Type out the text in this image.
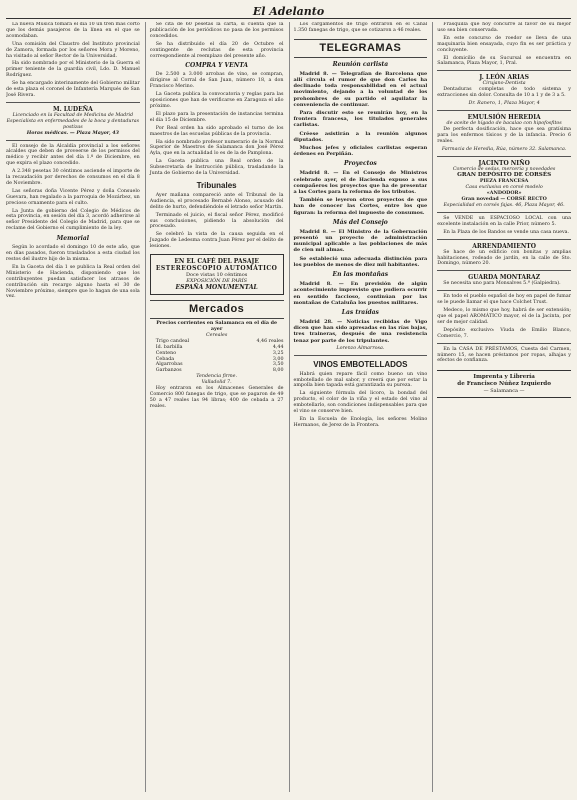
El Adelanto

La nueva Música tomará el día 10 un tren más corto que los demás pasajeros de la línea en el que se acomodaban.

Una comisión del Claustro del Instituto provincial de Zamora, formada por los señores Mora y Moreno, ha visitado al señor Rector de la Universidad.

Ha sido nombrado por el Ministerio de la Guerra el primer teniente de la guardia civil, Ldo. D. Manuel Rodríguez.

Se ha encargado interinamente del Gobierno militar de esta plaza el coronel de Infantería Marqués de San José Rivera.

M. LUDEÑA
Licenciado en la Facultad de Medicina de Madrid
Especialista en enfermedades de la boca y dentaduras postizas
Horas médicas. — Plaza Mayor, 43

El consejo de la Alcaldía provincial a los señores alcaldes que deben de proveerse de los permisos del médico y recibir antes del día 1.º de Diciembre, en que expira el plazo concedido.

A 2.348 pesetas 30 céntimos asciende el importe de la recaudación por derechos de consumos en el día 8 de Noviembre.

Las señoras doña Vicente Pérez y doña Consuelo Guevara, han regalado a la parroquia de Mozárbez, un precioso ornamento para el culto.

La Junta de gobierno del Colegio de Médicos de esta provincia, en sesión del día 3, acordó adherirse al señor Presidente del Colegio de Madrid, para que se reclame del Gobierno el cumplimiento de la ley.

Memorial

Según lo acordado el domingo 10 de este año, que en días pasados, fueron trasladados a esta ciudad los restos del ilustre hijo de la misma.

En la Gaceta del día 1 se publica la Real orden del Ministerio de Hacienda, disponiendo que los contribuyentes puedan satisfacer los atrasos de contribución sin recargo alguno hasta el 30 de Noviembre próximo, siempre que lo hagan de una sola vez.

Se cita de 60 pesetas la carta, si cuenta que la publicación de los periódicos no pasa de los permisos concedidos.

Se ha distribuido el día 20 de Octubre el contingente de reclutas de esta provincia correspondiente al reemplazo del presente año.

COMPRA Y VENTA

De 2.500 a 3.000 arrobas de vino, se compran, dirigirse al Corral de San Juan, número 18, a don Francisco Merino.

La Gaceta publica la convocatoria y reglas para las oposiciones que han de verificarse en Zaragoza el año próximo.

El plazo para la presentación de instancias termina el día 15 de Diciembre.

Por Real orden ha sido aprobado el turno de los maestros de las escuelas públicas de la provincia.

Ha sido nombrado profesor numerario de la Normal Superior de Maestros de Salamanca don José Pérez Ayla, que en la actualidad lo es de la de Pamplona.

La Gaceta publica una Real orden de la Subsecretaría de Instrucción pública, trasladando la Junta de Gobierno de la Universidad.

Tribunales

Ayer mañana compareció ante el Tribunal de la Audiencia, el procesado Bernabé Alonso, acusado del delito de hurto, defendiéndole el letrado señor Martín.

Terminado el juicio, el fiscal señor Pérez, modificó sus conclusiones, pidiendo la absolución del procesado.

Se celebró la vista de la causa seguida en el Juzgado de Ledesma contra Juan Pérez por el delito de lesiones.

EN EL CAFÉ DEL PASAJE
ESTEREOSCOPIO AUTOMÁTICO
Doce vistas 10 céntimos
EXPOSICIÓN DE PARÍS
ESPAÑA MONUMENTAL
Mercados
Precios corrientes en Salamanca en el día de ayer
Cereales
Trigo candeal	4,46 reales
Id. barbilla	4,44
Centeno	3,25
Cebada	3,00
Algarrobas	3,50
Garbanzos	8,00
Tendencia firme.
Valladolid 7.

Hoy entraron en los Almacenes Generales de Comercio 800 fanegas de trigo, que se pagaron de 49 50 a 47 reales las 94 libras; 400 de cebada a 27 reales.

Los cargamentos de trigo entraron en el Canal 1.350 fanegas de trigo, que se cotizaron a 46 reales.

TELEGRAMAS
Reunión carlista

Madrid 8. — Telegrafían de Barcelona que allí circula el rumor de que don Carlos ha declinado toda responsabilidad en el actual movimiento, dejando a la voluntad de los prohombres de su partido el aquilatar la conveniencia de continuar.

Para discutir esto se reunirán hoy, en la frontera francesa, los titulados generales carlistas.

Créese asistirán a la reunión algunos diputados.

Muchos jefes y oficiales carlistas esperan órdenes en Perpiñán.

Proyectos

Madrid 8. — En el Consejo de Ministros celebrado ayer, el de Hacienda expuso a sus compañeros los proyectos que ha de presentar a las Cortes para la reforma de los tributos.

También se leyeron otros proyectos de que han de conocer las Cortes, entre los que figuran: la reforma del impuesto de consumos.

Más del Consejo

Madrid 8. — El Ministro de la Gobernación presentó un proyecto de administración municipal aplicable a las poblaciones de más de cien mil almas.

Se estableció una adecuada distinción para los pueblos de menos de diez mil habitantes.

En las montañas

Madrid 8. — En previsión de algún acontecimiento imprevisto que pudiera ocurrir en sentido faccioso, continúan por las montañas de Cataluña los puestos militares.

Las traídas

Madrid 28. — Noticias recibidas de Vigo dicen que han sido apresadas en las rías bajas, tres traineras, después de una resistencia tenaz por parte de los tripulantes.

Lorenzo Almarrosa.
VINOS EMBOTELLADOS

Habrá quien repare fácil como bueno un vino embotellado de mal sabor, y creerá que por estar la ampolla bien tapada está garantizada su pureza.

La siguiente fórmula del licoro, la bondad del producto, el color de la viña y el estado del vino al embotellarlo, son condiciones indispensables para que el vino se conserve bien.

En la Escuela de Enología, los señores Molino Hermanos, de Jerez de la Frontera.

Frasquilla que hoy concurre al favor de su mejor uso sea bien conservada.

En este concurso de roedor se lleva de una maquinaria bien ensayada, cuyo fin es ser práctica y concluyente.

El domicilio de su Sucursal se encuentra en Salamanca, Plaza Mayor, 1, Pral.

J. LEÓN ARIAS
Cirujano-Dentista

Dentaduras completas de todo sistema y extracciones sin dolor. Consulta de 10 a 1 y de 3 a 5.

Dr. Ranero, 1, Plaza Mayor, 4
EMULSIÓN HEREDIA
de aceite de hígado de bacalao con hipofosfitos

De perfecta dosificación, hace que sea gratísima para los enfermos tísicos y de la infancia. Precio 6 reales.

Farmacia de Heredia, Rúa, número 32. Salamanca.
JACINTO NIÑO
Comercio de sedas, mercería y novedades
GRAN DEPÓSITO DE CORSÉS
PIEZA FRANCESA
Casa exclusiva en corsé modelo
«ANDODOR»
Gran novedad — CORSÉ RECTO
Especialidad en corsés fajas. 46, Plaza Mayor, 46.

Se VENDE un ESPACIOSO LOCAL con una excelente instalación en la calle Prior, número 5.

En la Plaza de los Bandos se vende una casa nueva.

ARRENDAMIENTO

Se hace de un edificio con bonitas y amplias habitaciones, rodeado de jardín, en la calle de Sto. Domingo, número 20.

GUARDA MONTARAZ

Se necesita uno para Monsalves 5.ª (Galpiedra).

En todo el pueblo español de hoy en papel de fumar se le puede llamar el que hace Colchet Trust.

Medeco, lo mismo que hoy, habrá de ser extensión; que el papel AROMÁTICO mayor, el de la Jacinta, por ser de mejor calidad.

Depósito exclusivo: Viuda de Emilio Blanco, Comercio, 7.

En la CASA DE PRÉSTAMOS, Cuesta del Carmen, número 15, se hacen préstamos por ropas, alhajas y efectos de confianza.

Imprenta y Librería
de Francisco Núñez Izquierdo
— Salamanca —
